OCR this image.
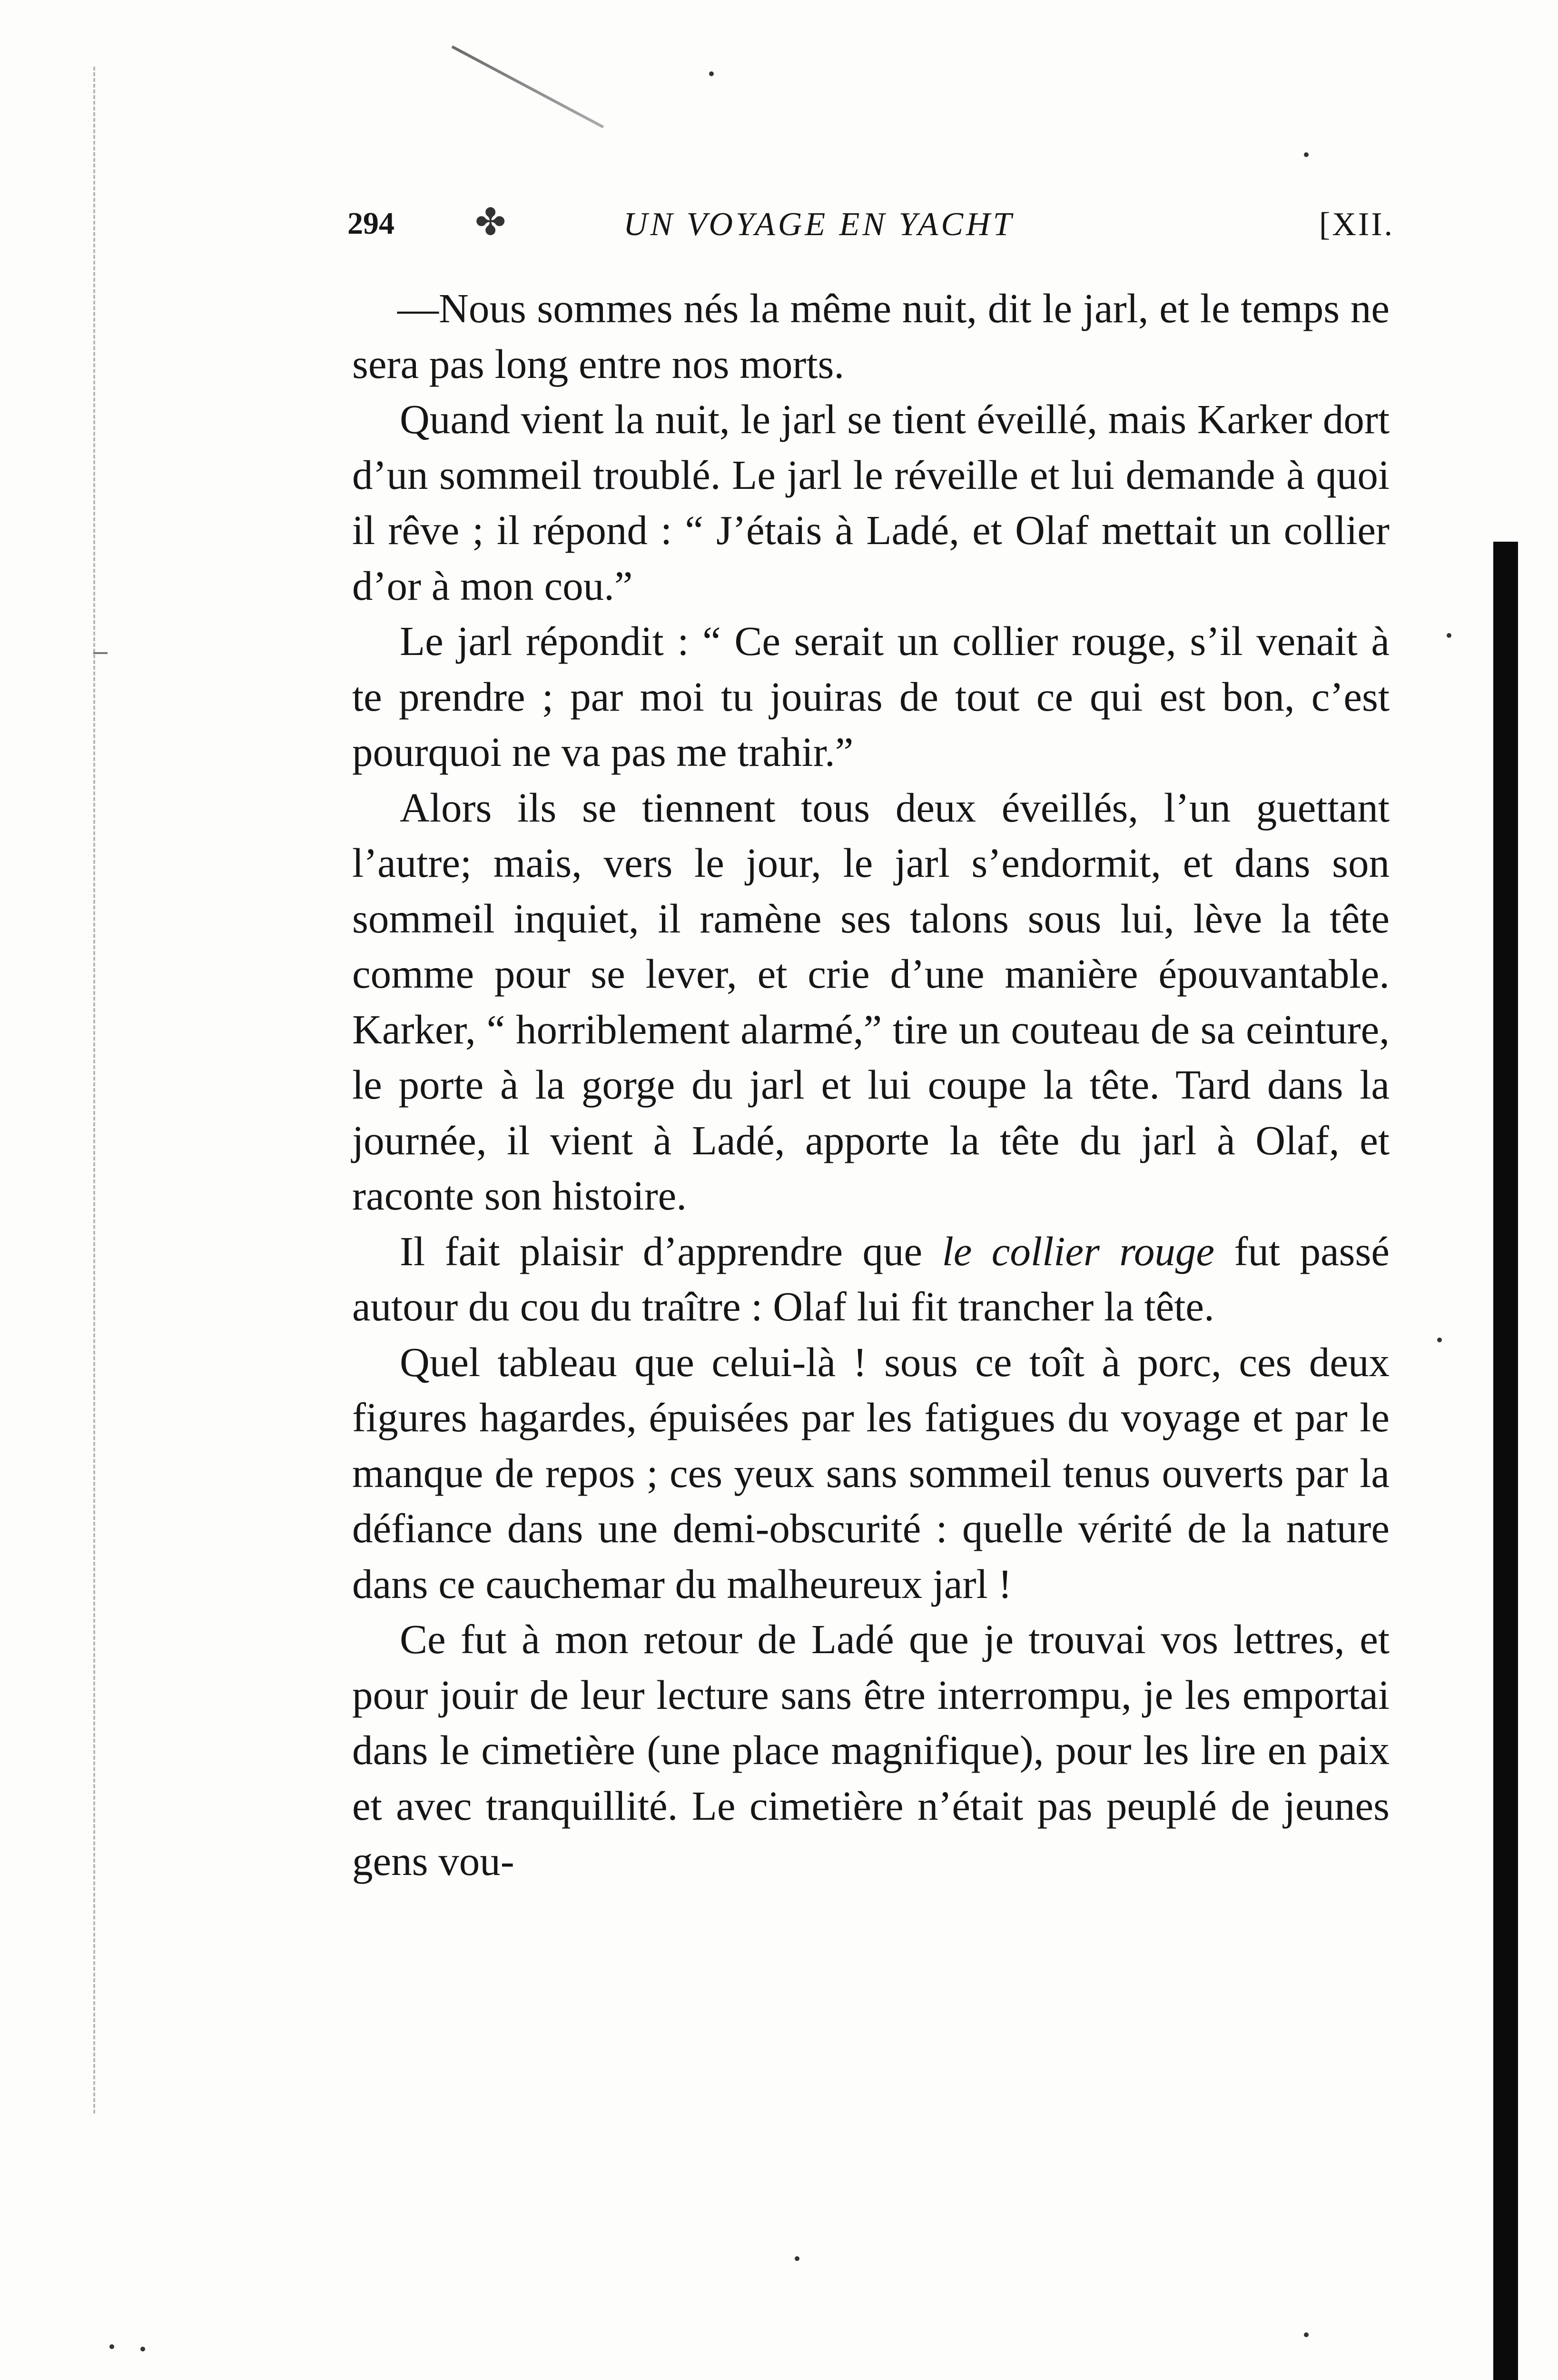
294 ✤	UN VOYAGE EN YACHT	[XII.

—Nous sommes nés la même nuit, dit le jarl, et le temps ne sera pas long entre nos morts.

Quand vient la nuit, le jarl se tient éveillé, mais Karker dort d’un sommeil troublé. Le jarl le réveille et lui demande à quoi il rêve ; il répond : “ J’étais à Ladé, et Olaf mettait un collier d’or à mon cou.”

Le jarl répondit : “ Ce serait un collier rouge, s’il venait à te prendre ; par moi tu jouiras de tout ce qui est bon, c’est pourquoi ne va pas me trahir.”

Alors ils se tiennent tous deux éveillés, l’un guettant l’autre; mais, vers le jour, le jarl s’endormit, et dans son sommeil inquiet, il ramène ses talons sous lui, lève la tête comme pour se lever, et crie d’une manière épouvantable. Karker, “ horriblement alarmé,” tire un couteau de sa ceinture, le porte à la gorge du jarl et lui coupe la tête. Tard dans la journée, il vient à Ladé, apporte la tête du jarl à Olaf, et raconte son histoire.

Il fait plaisir d’apprendre que le collier rouge fut passé autour du cou du traître : Olaf lui fit trancher la tête.

Quel tableau que celui-là ! sous ce toît à porc, ces deux figures hagardes, épuisées par les fatigues du voyage et par le manque de repos ; ces yeux sans sommeil tenus ouverts par la défiance dans une demi-obscurité : quelle vérité de la nature dans ce cauchemar du malheureux jarl !

Ce fut à mon retour de Ladé que je trouvai vos lettres, et pour jouir de leur lecture sans être interrompu, je les emportai dans le cimetière (une place magnifique), pour les lire en paix et avec tranquillité. Le cimetière n’était pas peuplé de jeunes gens vou-
